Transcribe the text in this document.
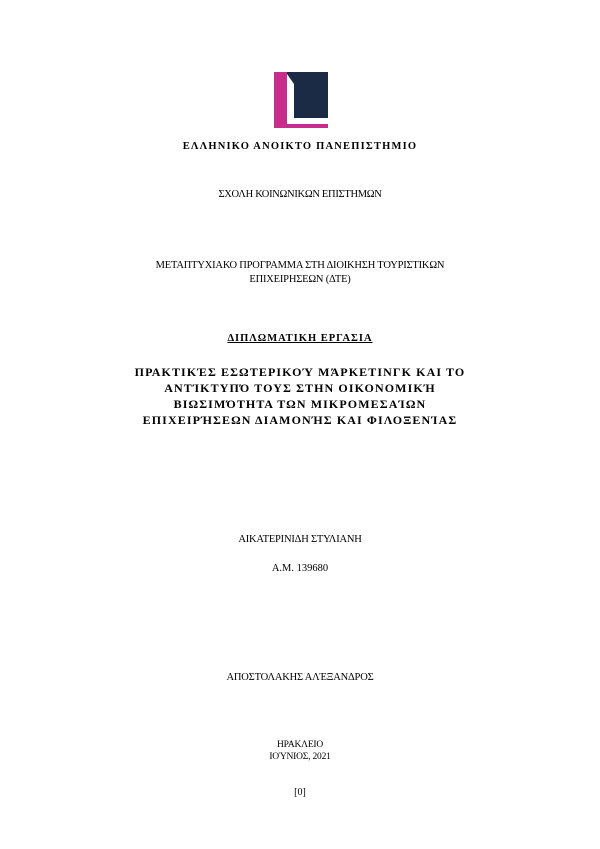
ΕΛΛΗΝΙΚΟ ΑΝΟΙΚΤΟ ΠΑΝΕΠΙΣΤΗΜΙΟ
ΣΧΟΛΗ ΚΟΙΝΩΝΙΚΩΝ ΕΠΙΣΤΗΜΩΝ
ΜΕΤΑΠΤΥΧΙΑΚΟ ΠΡΟΓΡΑΜΜΑ ΣΤΗ ΔΙΟΙΚΗΣΗ ΤΟΥΡΙΣΤΙΚΩΝ
ΕΠΙΧΕΙΡΗΣΕΩΝ (ΔΤΕ)
ΔΙΠΛΩΜΑΤΙΚΗ ΕΡΓΑΣΙΑ
ΠΡΑΚΤΙΚΈΣ ΕΣΩΤΕΡΙΚΟΎ ΜΆΡΚΕΤΙΝΓΚ ΚΑΙ ΤΟ
ΑΝΤΊΚΤΥΠΌ ΤΟΥΣ ΣΤΗΝ ΟΙΚΟΝΟΜΙΚΉ
ΒΙΩΣΙΜΌΤΗΤΑ ΤΩΝ ΜΙΚΡΟΜΕΣΑΊΩΝ
ΕΠΙΧΕΙΡΉΣΕΩΝ ΔΙΑΜΟΝΉΣ ΚΑΙ ΦΙΛΟΞΕΝΊΑΣ
ΑΙΚΑΤΕΡΙΝΙΔΗ ΣΤΥΛΙΑΝΗ
Α.Μ. 139680
ΑΠΟΣΤΟΛΑΚΗΣ ΑΛΈΞΑΝΔΡΟΣ
ΗΡΑΚΛΕΙΟ
ΙΟΎΝΙΟΣ, 2021
[0]
